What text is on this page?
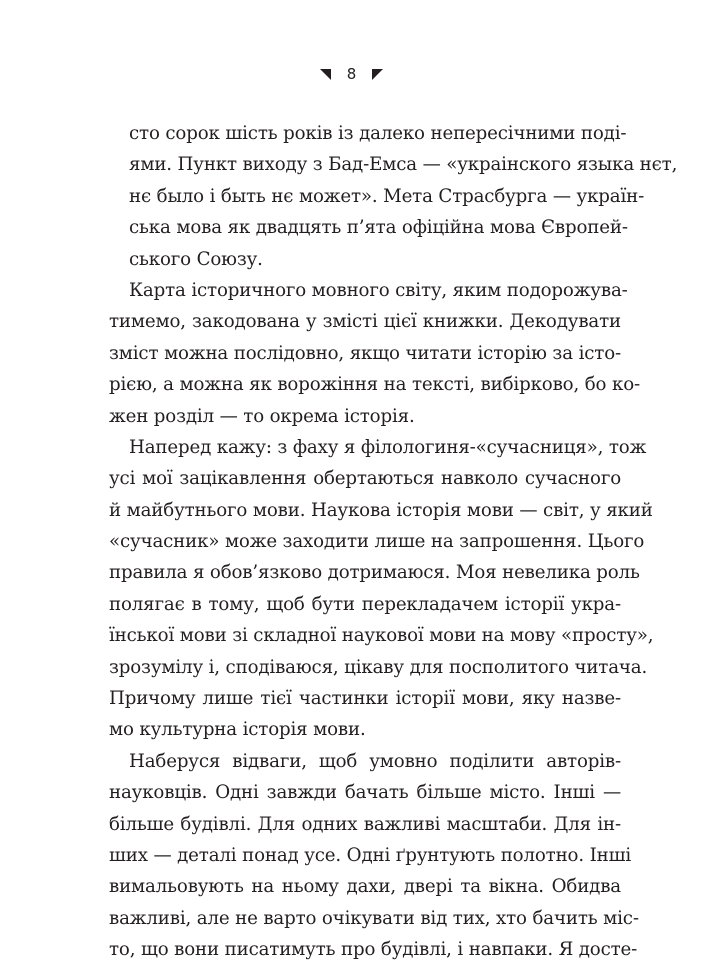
8
сто сорок шість років із далеко непересічними поді-
ями. Пункт виходу з Бад-Емса — «украінского языка нєт,
нє было і быть нє может». Мета Страсбурга — україн-
ська мова як двадцять п’ята офіційна мова Європей-
ського Союзу.
Карта історичного мовного світу, яким подорожува-
тимемо, закодована у змісті цієї книжки. Декодувати
зміст можна послідовно, якщо читати історію за істо-
рією, а можна як ворожіння на тексті, вибірково, бо ко-
жен розділ — то окрема історія.
Наперед кажу: з фаху я філологиня-«сучасниця», тож
усі мої зацікавлення обертаються навколо сучасного
й майбутнього мови. Наукова історія мови — світ, у який
«сучасник» може заходити лише на запрошення. Цього
правила я обов’язково дотримаюся. Моя невелика роль
полягає в тому, щоб бути перекладачем історії укра-
їнської мови зі складної наукової мови на мову «просту»,
зрозумілу і, сподіваюся, цікаву для посполитого читача.
Причому лише тієї частинки історії мови, яку назве-
мо культурна історія мови.
Наберуся відваги, щоб умовно поділити авторів-
науковців. Одні завжди бачать більше місто. Інші —
більше будівлі. Для одних важливі масштаби. Для ін-
ших — деталі понад усе. Одні ґрунтують полотно. Інші
вимальовують на ньому дахи, двері та вікна. Обидва
важливі, але не варто очікувати від тих, хто бачить міс-
то, що вони писатимуть про будівлі, і навпаки. Я досте-
